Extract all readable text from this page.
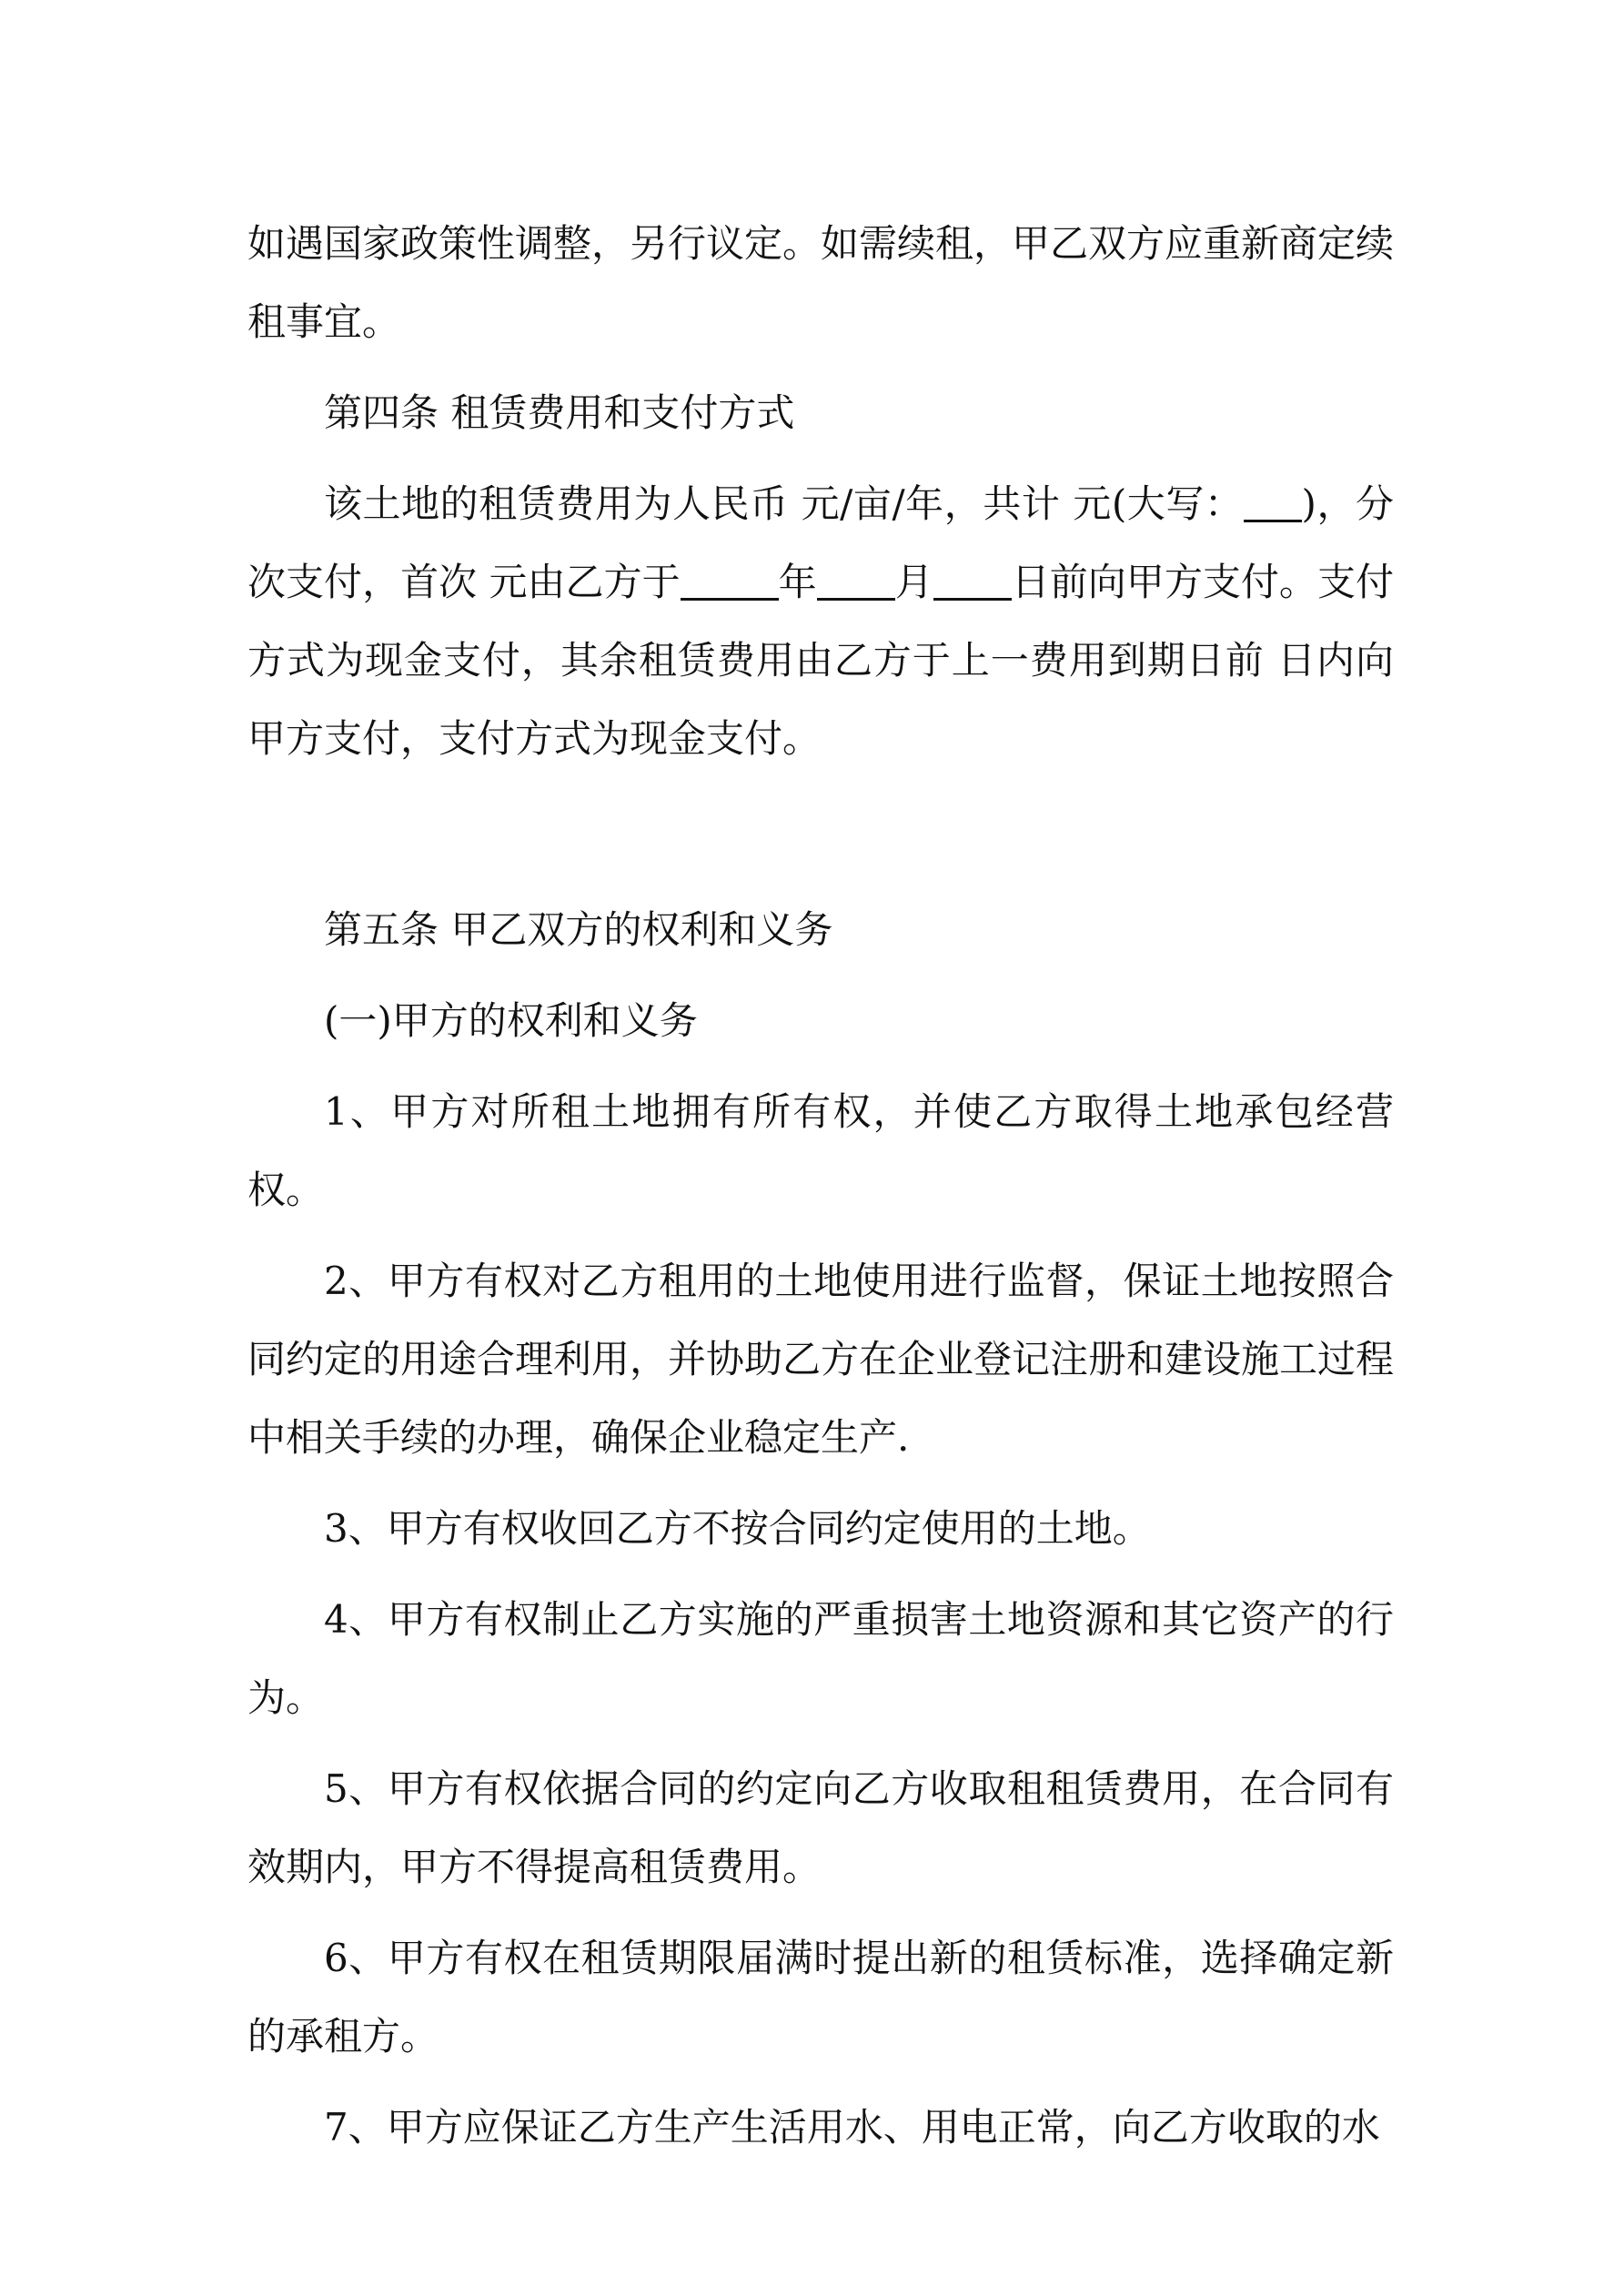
如遇国家政策性调整，另行议定。如需续租，甲乙双方应重新商定续租事宜。

第四条 租赁费用和支付方式

该土地的租赁费用为人民币 元/亩/年，共计 元(大写： )，分次支付，首次 元由乙方于	年 月 日前向甲方支付。支付方式为现金支付，其余租赁费用由乙方于上一费用到期日前 日内向甲方支付，支付方式为现金支付。

第五条 甲乙双方的权利和义务

(一)甲方的权利和义务

1、甲方对所租土地拥有所有权，并使乙方取得土地承包经营权。

2、甲方有权对乙方租用的土地使用进行监督，保证土地按照合同约定的用途合理利用，并协助乙方在企业登记注册和建设施工过程中相关手续的办理，确保企业稳定生产.

3、甲方有权收回乙方不按合同约定使用的土地。

4、甲方有权制止乙方实施的严重损害土地资源和其它资产的行为。

5、甲方有权依据合同的约定向乙方收取租租赁费用，在合同有效期内，甲方不得提高租赁费用。

6、甲方有权在租赁期限届满时提出新的租赁标准，选择确定新的承租方。

7、甲方应保证乙方生产生活用水、用电正常，向乙方收取的水
